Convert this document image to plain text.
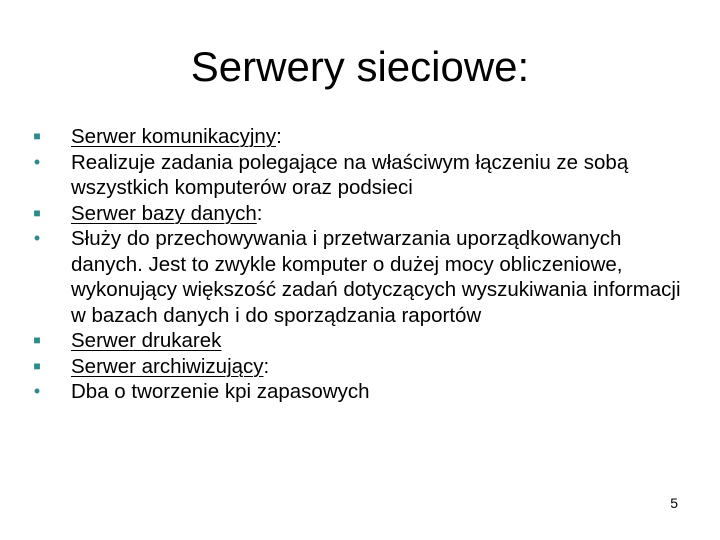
Serwery sieciowe:
■ Serwer komunikacyjny:
• Realizuje zadania polegające na właściwym łączeniu ze sobą wszystkich komputerów oraz podsieci
■ Serwer bazy danych:
• Służy do przechowywania i przetwarzania uporządkowanych danych. Jest to zwykle komputer o dużej mocy obliczeniowe, wykonujący większość zadań dotyczących wyszukiwania informacji w bazach danych i do sporządzania raportów
■ Serwer drukarek
■ Serwer archiwizujący:
• Dba o tworzenie kpi zapasowych
5
